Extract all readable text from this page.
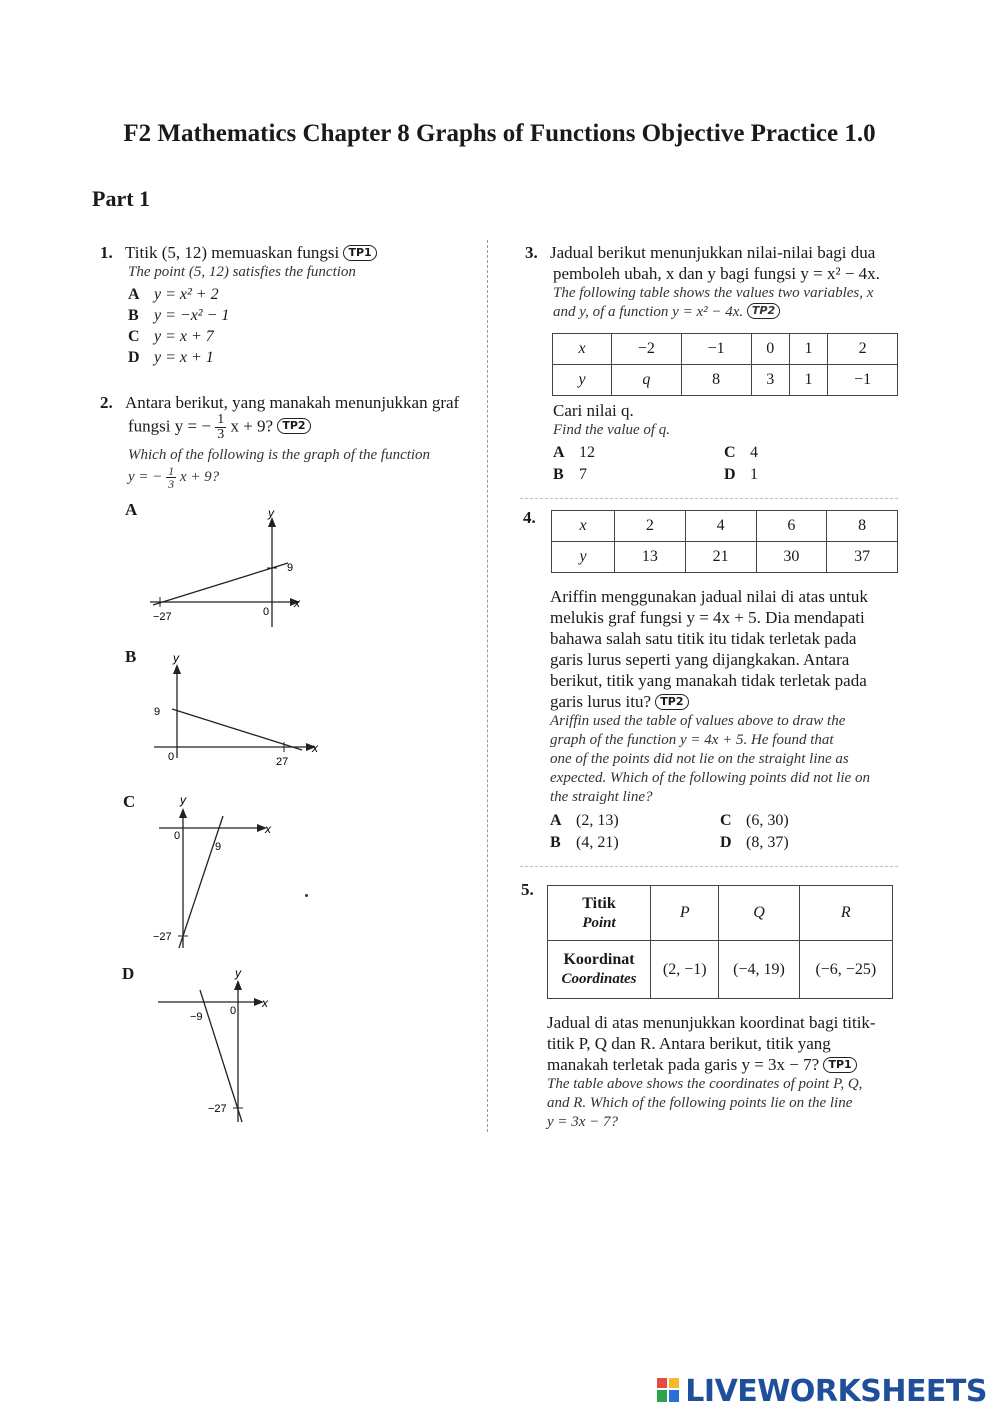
F2 Mathematics Chapter 8 Graphs of Functions Objective Practice 1.0
Part 1
1. Titik (5, 12) memuaskan fungsi TP1
The point (5, 12) satisfies the function
A y = x² + 2
B y = −x² − 1
C y = x + 7
D y = x + 1
2. Antara berikut, yang manakah menunjukkan graf
fungsi y = − $\frac{1}{3}$ x + 9? TP2
Which of the following is the graph of the function
y = − $\frac{1}{3}$ x + 9?
A	y
x
0
9
−27
B	y
x
0
9
27
C	y
x
0
9
−27
D	y
x
0
−9
−27
3. Jadual berikut menunjukkan nilai-nilai bagi dua
pemboleh ubah, x dan y bagi fungsi y = x² − 4x.
The following table shows the values two variables, x
and y, of a function y = x² − 4x. TP2
x	−2	−1	0	1	2
y	q	8	3	1	−1
Cari nilai q.
Find the value of q.
A 12	C 4
B 7	D 1
4.	x	2	4	6	8
y	13	21	30	37
Ariffin menggunakan jadual nilai di atas untuk
melukis graf fungsi y = 4x + 5. Dia mendapati
bahawa salah satu titik itu tidak terletak pada
garis lurus seperti yang dijangkakan. Antara
berikut, titik yang manakah tidak terletak pada
garis lurus itu? TP2
Ariffin used the table of values above to draw the
graph of the function y = 4x + 5. He found that
one of the points did not lie on the straight line as
expected. Which of the following points did not lie on
the straight line?
A (2, 13)	C (6, 30)
B (4, 21)	D (8, 37)
5.
Titik
Point	P	Q	R
Koordinat
Coordinates	(2, −1)	(−4, 19)	(−6, −25)
Jadual di atas menunjukkan koordinat bagi titik-
titik P, Q dan R. Antara berikut, titik yang
manakah terletak pada garis y = 3x − 7? TP1
The table above shows the coordinates of point P, Q,
and R. Which of the following points lie on the line
y = 3x − 7?
LIVEWORKSHEETS
